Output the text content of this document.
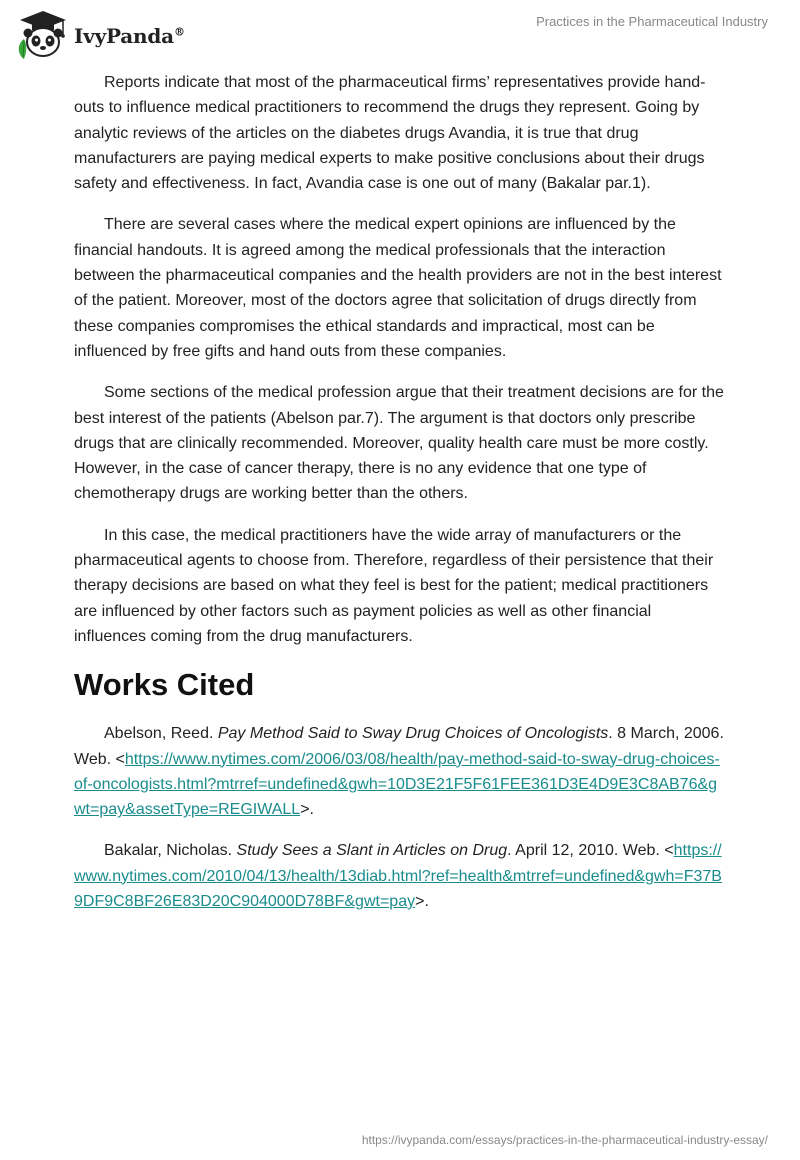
IvyPanda®
Practices in the Pharmaceutical Industry

Reports indicate that most of the pharmaceutical firms’ representatives provide hand-outs to influence medical practitioners to recommend the drugs they represent. Going by analytic reviews of the articles on the diabetes drugs Avandia, it is true that drug manufacturers are paying medical experts to make positive conclusions about their drugs safety and effectiveness. In fact, Avandia case is one out of many (Bakalar par.1).

There are several cases where the medical expert opinions are influenced by the financial handouts. It is agreed among the medical professionals that the interaction between the pharmaceutical companies and the health providers are not in the best interest of the patient. Moreover, most of the doctors agree that solicitation of drugs directly from these companies compromises the ethical standards and impractical, most can be influenced by free gifts and hand outs from these companies.

Some sections of the medical profession argue that their treatment decisions are for the best interest of the patients (Abelson par.7). The argument is that doctors only prescribe drugs that are clinically recommended. Moreover, quality health care must be more costly. However, in the case of cancer therapy, there is no any evidence that one type of chemotherapy drugs are working better than the others.

In this case, the medical practitioners have the wide array of manufacturers or the pharmaceutical agents to choose from. Therefore, regardless of their persistence that their therapy decisions are based on what they feel is best for the patient; medical practitioners are influenced by other factors such as payment policies as well as other financial influences coming from the drug manufacturers.

Works Cited

Abelson, Reed. Pay Method Said to Sway Drug Choices of Oncologists. 8 March, 2006. Web. <https://www.nytimes.com/2006/03/08/health/pay-method-said-to-sway-drug-choices-of-oncologists.html?mtrref=undefined&gwh=10D3E21F5F61FEE361D3E4D9E3C8AB76&gwt=pay&assetType=REGIWALL>.

Bakalar, Nicholas. Study Sees a Slant in Articles on Drug. April 12, 2010. Web. <https://www.nytimes.com/2010/04/13/health/13diab.html?ref=health&mtrref=undefined&gwh=F37B9DF9C8BF26E83D20C904000D78BF&gwt=pay>.

https://ivypanda.com/essays/practices-in-the-pharmaceutical-industry-essay/
